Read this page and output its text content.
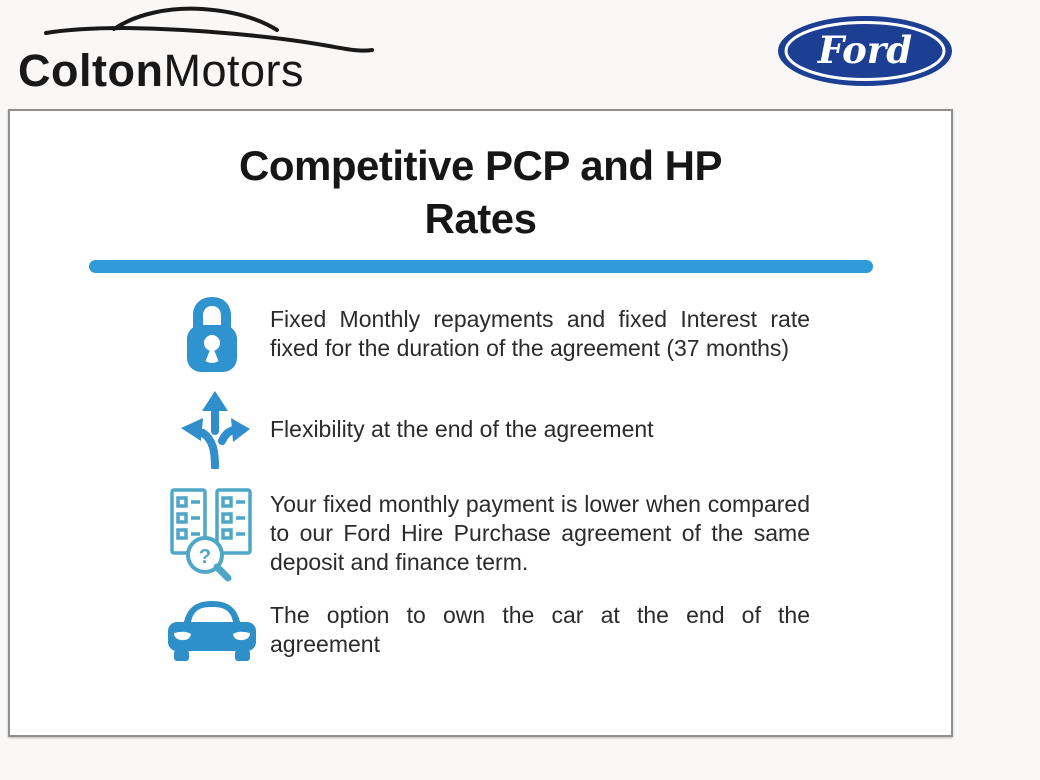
ColtonMotors	Ford
Competitive PCP and HP
Rates

Fixed Monthly repayments and fixed Interest rate fixed for the duration of the agreement (37 months)

Flexibility at the end of the agreement

?

Your fixed monthly payment is lower when compared to our Ford Hire Purchase agreement of the same deposit and finance term.

The option to own the car at the end of the agreement
